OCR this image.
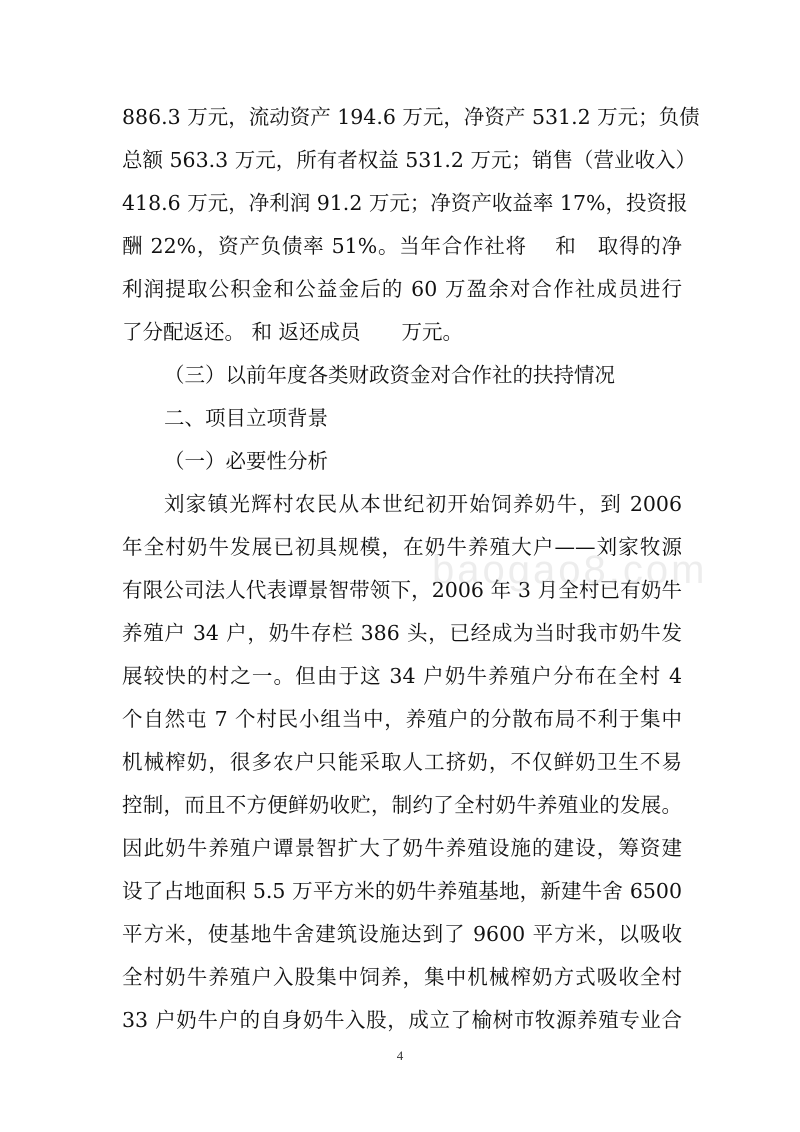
886.3 万元，流动资产 194.6 万元，净资产 531.2 万元；负债
总额 563.3 万元，所有者权益 531.2 万元；销售（营业收入）
418.6 万元，净利润 91.2 万元；净资产收益率 17%，投资报
酬 22%，资产负债率 51%。当年合作社将　 和　取得的净
利润提取公积金和公益金后的 60 万盈余对合作社成员进行
了分配返还。 和 返还成员　　万元。
（三）以前年度各类财政资金对合作社的扶持情况
二、项目立项背景
（一）必要性分析
刘家镇光辉村农民从本世纪初开始饲养奶牛，到 2006
年全村奶牛发展已初具规模，在奶牛养殖大户——刘家牧源
有限公司法人代表谭景智带领下，2006 年 3 月全村已有奶牛
养殖户 34 户，奶牛存栏 386 头，已经成为当时我市奶牛发
展较快的村之一。但由于这 34 户奶牛养殖户分布在全村 4
个自然屯 7 个村民小组当中，养殖户的分散布局不利于集中
机械榨奶，很多农户只能采取人工挤奶，不仅鲜奶卫生不易
控制，而且不方便鲜奶收贮，制约了全村奶牛养殖业的发展。
因此奶牛养殖户谭景智扩大了奶牛养殖设施的建设，筹资建
设了占地面积 5.5 万平方米的奶牛养殖基地，新建牛舍 6500
平方米，使基地牛舍建筑设施达到了 9600 平方米，以吸收
全村奶牛养殖户入股集中饲养，集中机械榨奶方式吸收全村
33 户奶牛户的自身奶牛入股，成立了榆树市牧源养殖专业合
baogao8.com
4
